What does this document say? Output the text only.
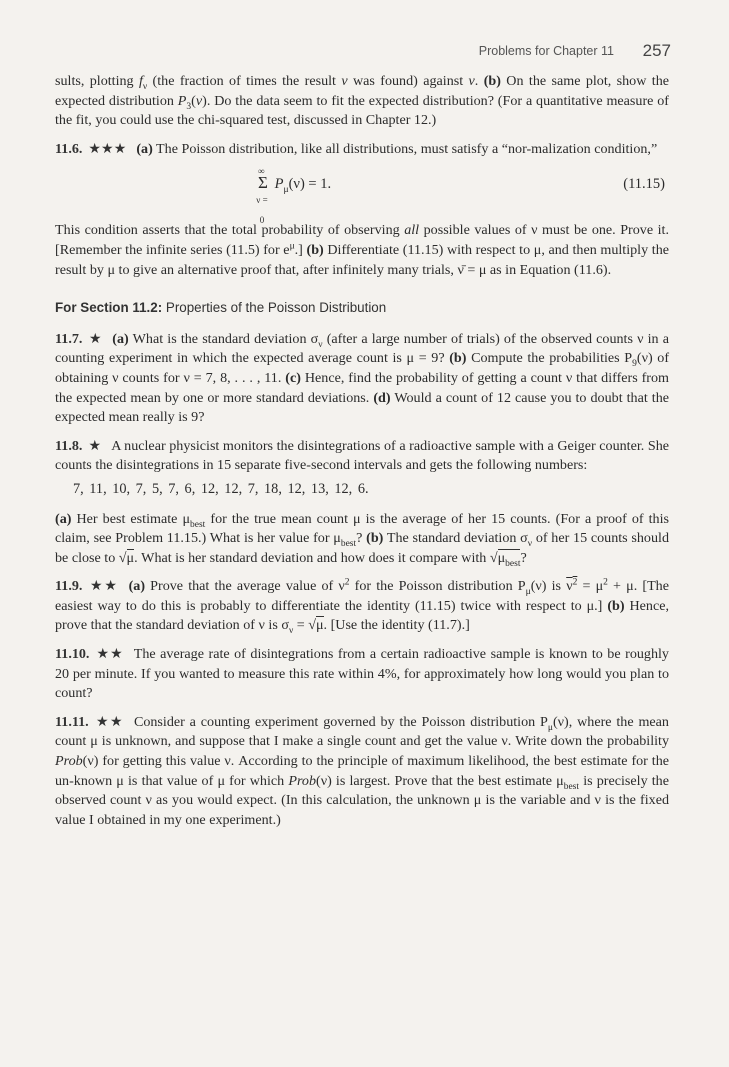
Problems for Chapter 11 257

sults, plotting $f_\nu$ (the fraction of times the result ν was found) against ν. (b) On the same plot, show the expected distribution $P_3(\nu)$. Do the data seem to fit the expected distribution? (For a quantitative measure of the fit, you could use the chi-squared test, discussed in Chapter 12.)

11.6. ★★★ (a) The Poisson distribution, like all distributions, must satisfy a “nor-malization condition,”

∞
Σ
ν = 0
$P_\mu(\nu) = 1$.	(11.15)

This condition asserts that the total probability of observing all possible values of ν must be one. Prove it. [Remember the infinite series (11.5) for $e^\mu$.] (b) Differentiate (11.15) with respect to μ, and then multiply the result by μ to give an alternative proof that, after infinitely many trials, ν̄ = μ as in Equation (11.6).

For Section 11.2: Properties of the Poisson Distribution

11.7. ★ (a) What is the standard deviation $\sigma_\nu$ (after a large number of trials) of the observed counts ν in a counting experiment in which the expected average count is μ = 9? (b) Compute the probabilities $P_9(\nu)$ of obtaining ν counts for ν = 7, 8, . . . , 11. (c) Hence, find the probability of getting a count ν that differs from the expected mean by one or more standard deviations. (d) Would a count of 12 cause you to doubt that the expected mean really is 9?

11.8. ★ A nuclear physicist monitors the disintegrations of a radioactive sample with a Geiger counter. She counts the disintegrations in 15 separate five-second intervals and gets the following numbers:

7, 11, 10, 7, 5, 7, 6, 12, 12, 7, 18, 12, 13, 12, 6.

(a) Her best estimate $\mu_{best}$ for the true mean count μ is the average of her 15 counts. (For a proof of this claim, see Problem 11.15.) What is her value for $\mu_{best}$? (b) The standard deviation $\sigma_\nu$ of her 15 counts should be close to √μ. What is her standard deviation and how does it compare with $√\mu_{best}$?

11.9. ★★ (a) Prove that the average value of $\nu^2$ for the Poisson distribution $P_\mu(\nu)$ is $\nu^2 = \mu^2 + \mu$. [The easiest way to do this is probably to differentiate the identity (11.15) twice with respect to μ.] (b) Hence, prove that the standard deviation of ν is $\sigma_\nu = √\mu$. [Use the identity (11.7).]

11.10. ★★ The average rate of disintegrations from a certain radioactive sample is known to be roughly 20 per minute. If you wanted to measure this rate within 4%, for approximately how long would you plan to count?

11.11. ★★ Consider a counting experiment governed by the Poisson distribution $P_\mu(\nu)$, where the mean count μ is unknown, and suppose that I make a single count and get the value ν. Write down the probability Prob(ν) for getting this value ν. According to the principle of maximum likelihood, the best estimate for the un-known μ is that value of μ for which Prob(ν) is largest. Prove that the best estimate $\mu_{best}$ is precisely the observed count ν as you would expect. (In this calculation, the unknown μ is the variable and ν is the fixed value I obtained in my one experiment.)
